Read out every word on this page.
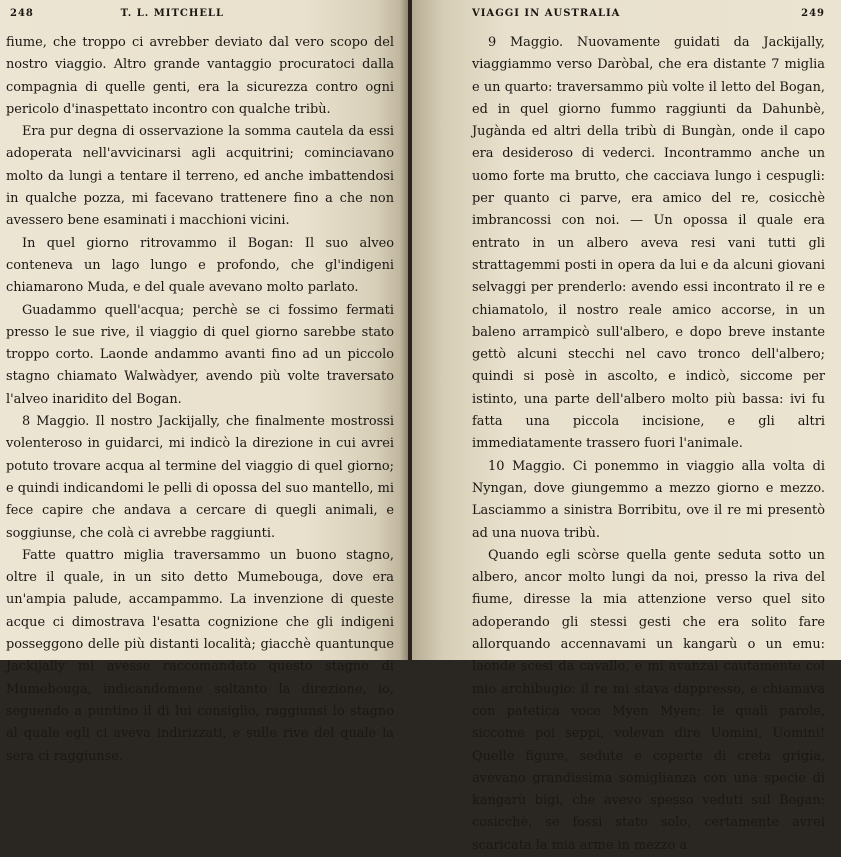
248	T. L. MITCHELL

fiume, che troppo ci avrebber deviato dal vero scopo del nostro viaggio. Altro grande vantaggio procuratoci dalla compagnia di quelle genti, era la sicurezza contro ogni pericolo d'inaspettato incontro con qualche tribù.

Era pur degna di osservazione la somma cautela da essi adoperata nell'avvicinarsi agli acquitrini; cominciavano molto da lungi a tentare il terreno, ed anche imbattendosi in qualche pozza, mi facevano trattenere fino a che non avessero bene esaminati i macchioni vicini.

In quel giorno ritrovammo il Bogan: Il suo alveo conteneva un lago lungo e profondo, che gl'indigeni chiamarono Muda, e del quale avevano molto parlato.

Guadammo quell'acqua; perchè se ci fossimo fermati presso le sue rive, il viaggio di quel giorno sarebbe stato troppo corto. Laonde andammo avanti fino ad un piccolo stagno chiamato Walwàdyer, avendo più volte traversato l'alveo inaridito del Bogan.

8 Maggio. Il nostro Jackijally, che finalmente mostrossi volenteroso in guidarci, mi indicò la direzione in cui avrei potuto trovare acqua al termine del viaggio di quel giorno; e quindi indicandomi le pelli di opossa del suo mantello, mi fece capire che andava a cercare di quegli animali, e soggiunse, che colà ci avrebbe raggiunti.

Fatte quattro miglia traversammo un buono stagno, oltre il quale, in un sito detto Mumebouga, dove era un'ampia palude, accampammo. La invenzione di queste acque ci dimostrava l'esatta cognizione che gli indigeni posseggono delle più distanti località; giacchè quantunque Jackijally mi avesse raccomandato questo stagno di Mumebouga, indicandomene soltanto la direzione, io, seguendo a puntino il di lui consiglio, raggiunsi lo stagno al quale egli ci aveva indirizzati, e sulle rive del quale la sera ci raggiunse.

VIAGGI IN AUSTRALIA	249

9 Maggio. Nuovamente guidati da Jackijally, viaggiammo verso Daròbal, che era distante 7 miglia e un quarto: traversammo più volte il letto del Bogan, ed in quel giorno fummo raggiunti da Dahunbè, Jugànda ed altri della tribù di Bungàn, onde il capo era desideroso di vederci. Incontrammo anche un uomo forte ma brutto, che cacciava lungo i cespugli: per quanto ci parve, era amico del re, cosicchè imbrancossi con noi. — Un opossa il quale era entrato in un albero aveva resi vani tutti gli strattagemmi posti in opera da lui e da alcuni giovani selvaggi per prenderlo: avendo essi incontrato il re e chiamatolo, il nostro reale amico accorse, in un baleno arrampicò sull'albero, e dopo breve instante gettò alcuni stecchi nel cavo tronco dell'albero; quindi si posè in ascolto, e indicò, siccome per istinto, una parte dell'albero molto più bassa: ivi fu fatta una piccola incisione, e gli altri immediatamente trassero fuori l'animale.

10 Maggio. Ci ponemmo in viaggio alla volta di Nyngan, dove giungemmo a mezzo giorno e mezzo. Lasciammo a sinistra Borribitu, ove il re mi presentò ad una nuova tribù.

Quando egli scòrse quella gente seduta sotto un albero, ancor molto lungi da noi, presso la riva del fiume, diresse la mia attenzione verso quel sito adoperando gli stessi gesti che era solito fare allorquando accennavami un kangarù o un emu: laonde scesi da cavallo, e mi avanzai cautamente col mio archibugio: il re mi stava dappresso, e chiamava con patetica voce Myen Myen; le quali parole, siccome poi seppi, volevan dire Uomini, Uomini! Quelle figure, sedute e coperte di creta grigia, avevano grandissima somiglianza con una specie di kangarù bigi, che avevo spesso veduti sul Bogan: cosicchè, se fossi stato solo, certamente avrei scaricata la mia arme in mezzo a
